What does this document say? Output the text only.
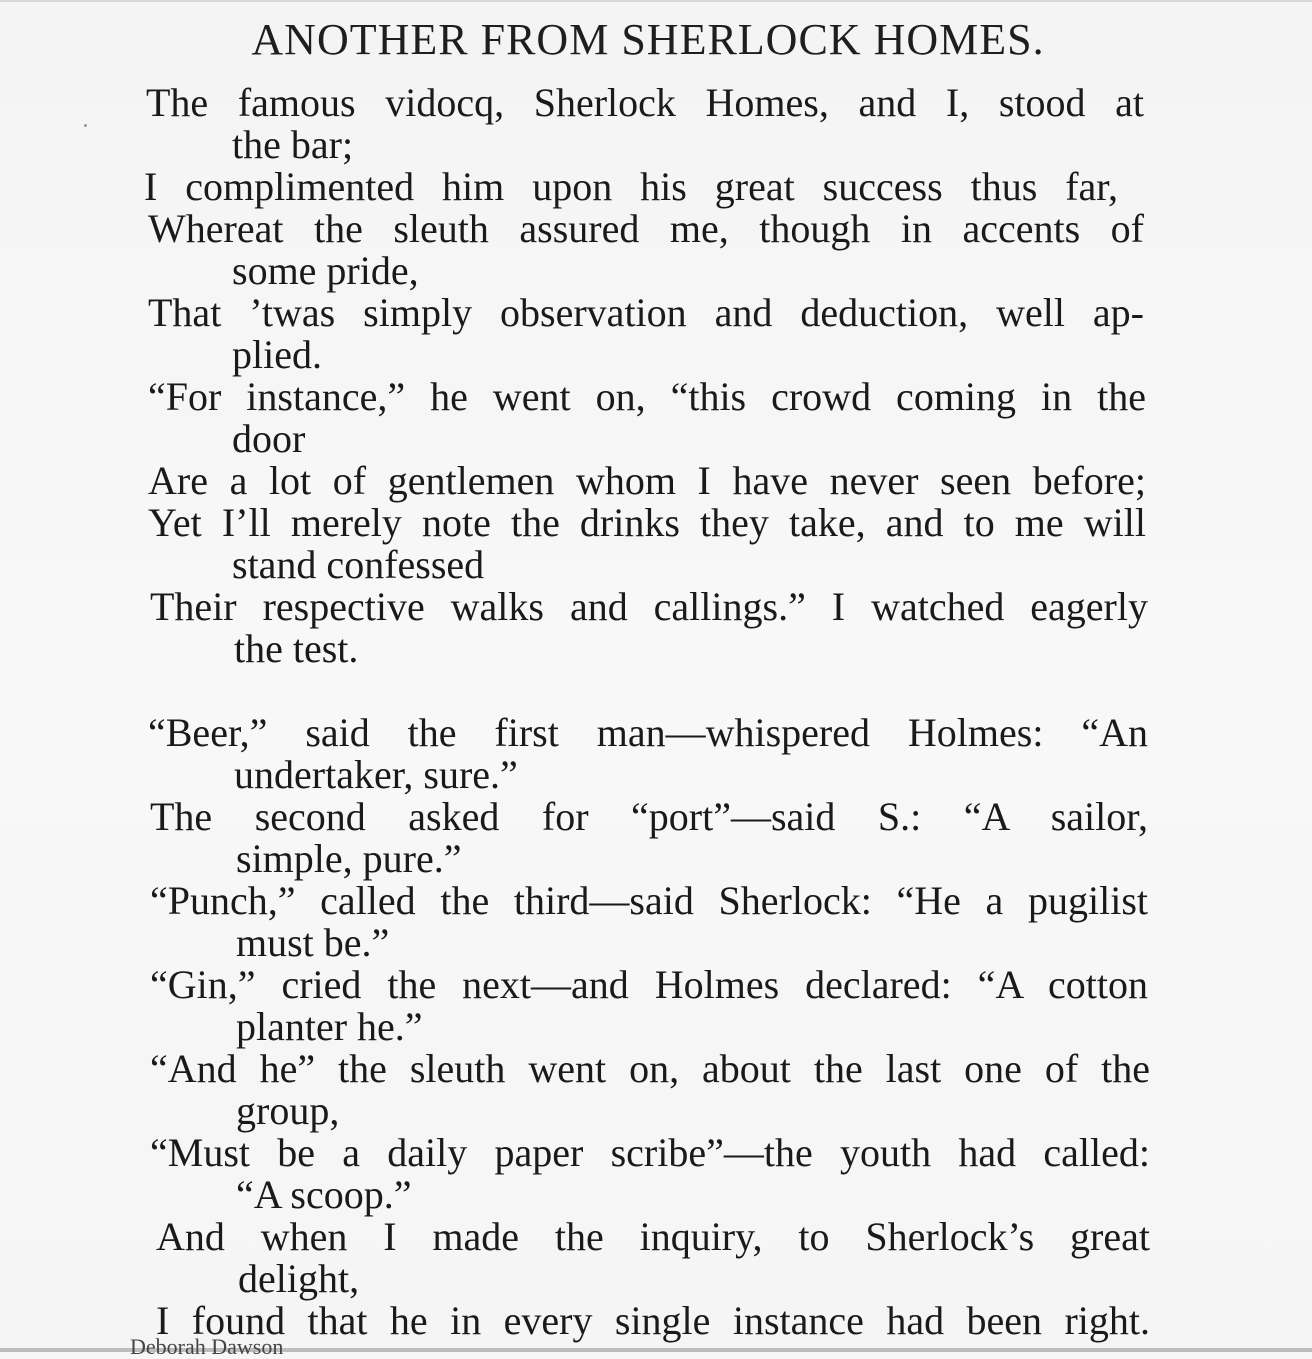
ANOTHER FROM SHERLOCK HOMES.
The famous vidocq, Sherlock Homes, and I, stood at
the bar;
I complimented him upon his great success thus far,
Whereat the sleuth assured me, though in accents of
some pride,
That ’twas simply observation and deduction, well ap-
plied.
“For instance,” he went on, “this crowd coming in the
door
Are a lot of gentlemen whom I have never seen before;
Yet I’ll merely note the drinks they take, and to me will
stand confessed
Their respective walks and callings.” I watched eagerly
the test.
“Beer,” said the first man—whispered Holmes: “An
undertaker, sure.”
The second asked for “port”—said S.: “A sailor,
simple, pure.”
“Punch,” called the third—said Sherlock: “He a pugilist
must be.”
“Gin,” cried the next—and Holmes declared: “A cotton
planter he.”
“And he” the sleuth went on, about the last one of the
group,
“Must be a daily paper scribe”—the youth had called:
“A scoop.”
And when I made the inquiry, to Sherlock’s great
delight,
I found that he in every single instance had been right.
Deborah Dawson
